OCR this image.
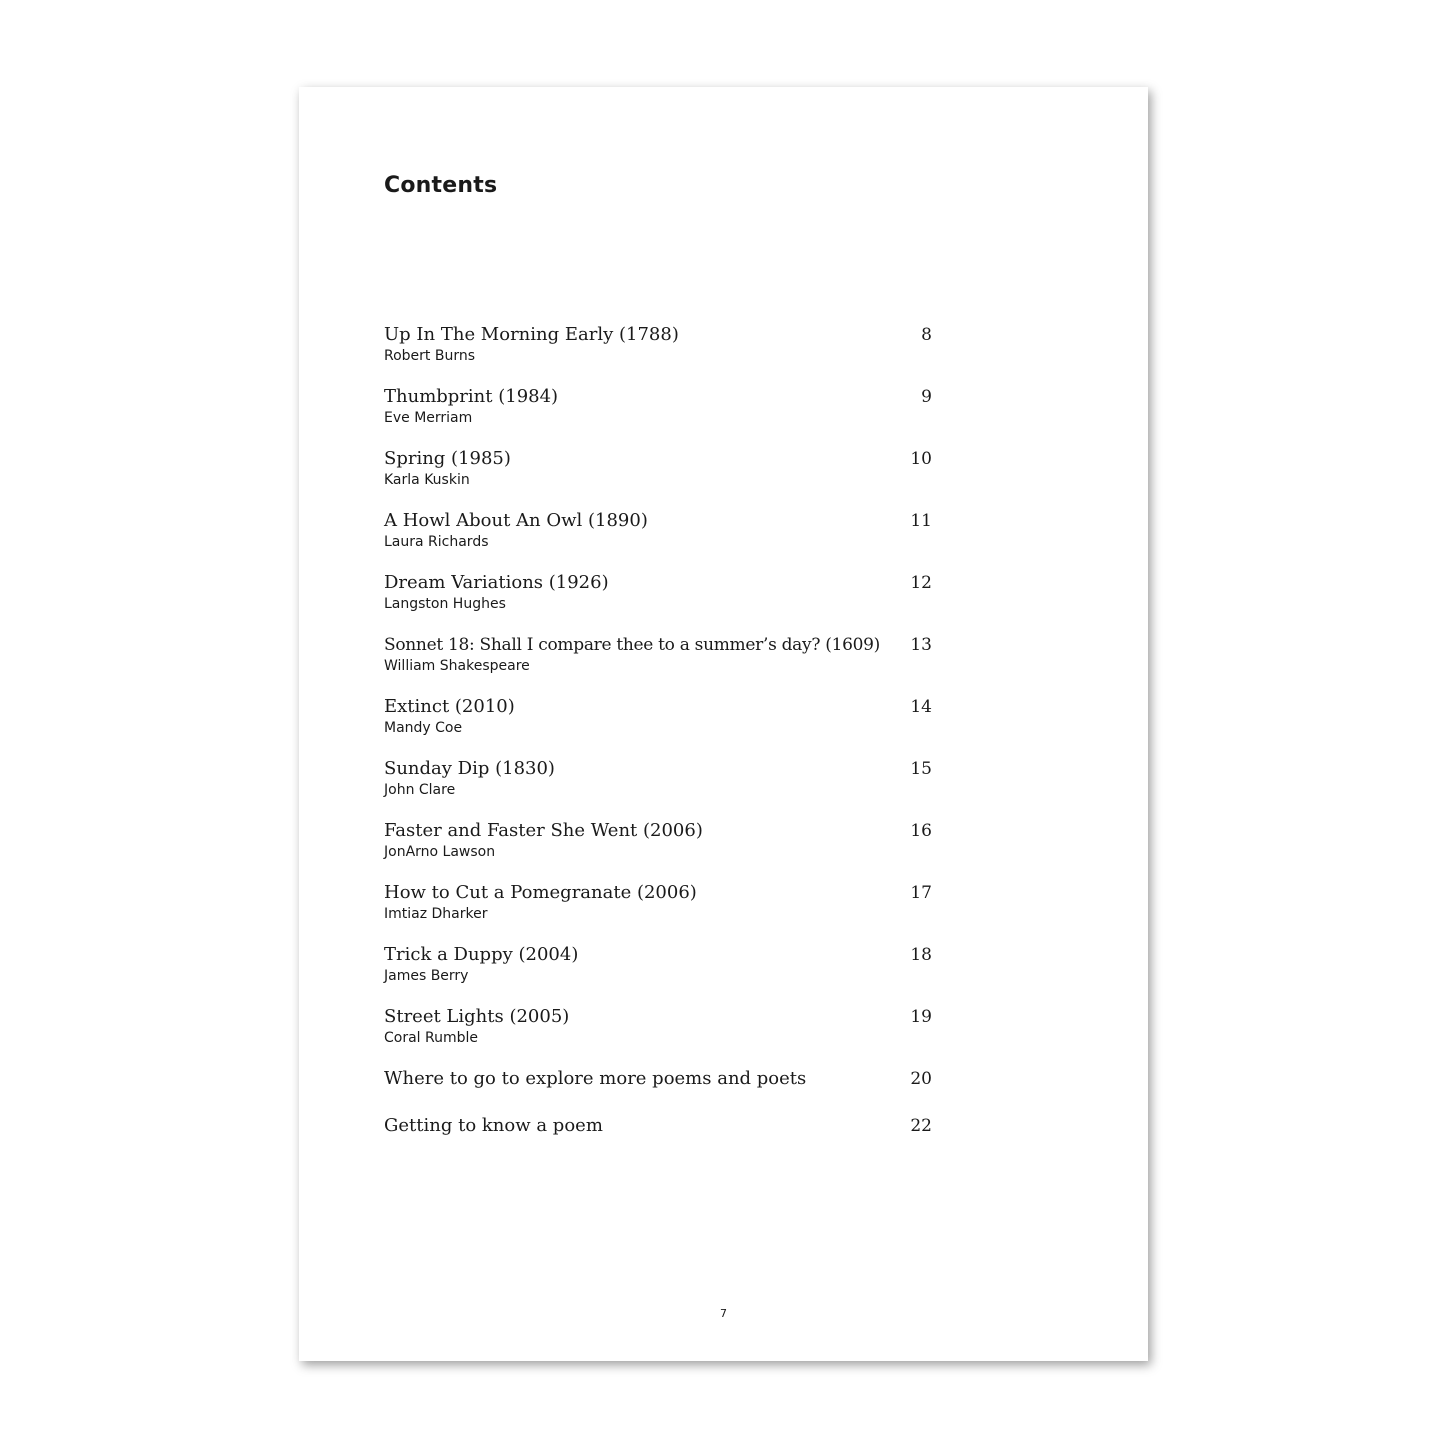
Contents
Up In The Morning Early (1788)
Robert Burns
8
Thumbprint (1984)
Eve Merriam
9
Spring (1985)
Karla Kuskin
10
A Howl About An Owl (1890)
Laura Richards
11
Dream Variations (1926)
Langston Hughes
12
Sonnet 18: Shall I compare thee to a summer’s day? (1609)
William Shakespeare
13
Extinct (2010)
Mandy Coe
14
Sunday Dip (1830)
John Clare
15
Faster and Faster She Went (2006)
JonArno Lawson
16
How to Cut a Pomegranate (2006)
Imtiaz Dharker
17
Trick a Duppy (2004)
James Berry
18
Street Lights (2005)
Coral Rumble
19
Where to go to explore more poems and poets	20
Getting to know a poem	22
7
